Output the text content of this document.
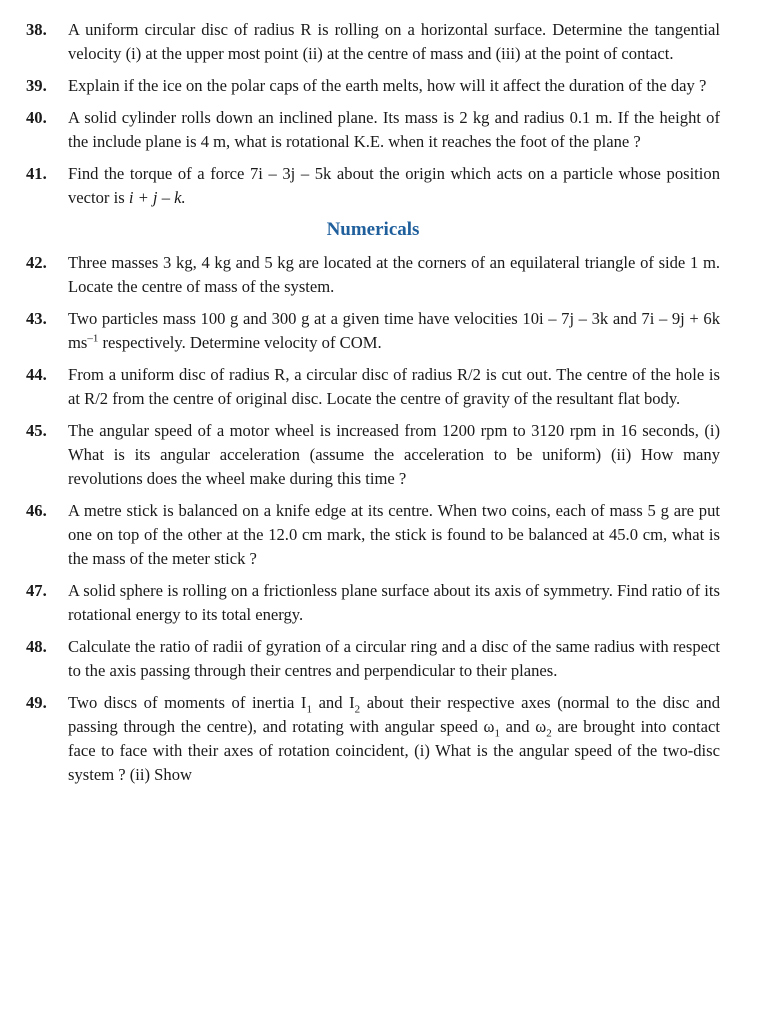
38.	A uniform circular disc of radius R is rolling on a horizontal surface. Determine the tangential velocity (i) at the upper most point (ii) at the centre of mass and (iii) at the point of contact.
39.	Explain if the ice on the polar caps of the earth melts, how will it affect the duration of the day ?
40.	A solid cylinder rolls down an inclined plane. Its mass is 2 kg and radius 0.1 m. If the height of the include plane is 4 m, what is rotational K.E. when it reaches the foot of the plane ?
41.	Find the torque of a force 7i – 3j – 5k about the origin which acts on a particle whose position vector is i + j – k.
Numericals
42.	Three masses 3 kg, 4 kg and 5 kg are located at the corners of an equilateral triangle of side 1 m. Locate the centre of mass of the system.
43.	Two particles mass 100 g and 300 g at a given time have velocities 10i – 7j – 3k and 7i – 9j + 6k $ms^{-1}$ respectively. Determine velocity of COM.
44.	From a uniform disc of radius R, a circular disc of radius R/2 is cut out. The centre of the hole is at R/2 from the centre of original disc. Locate the centre of gravity of the resultant flat body.
45.	The angular speed of a motor wheel is increased from 1200 rpm to 3120 rpm in 16 seconds, (i) What is its angular acceleration (assume the acceleration to be uniform) (ii) How many revolutions does the wheel make during this time ?
46.	A metre stick is balanced on a knife edge at its centre. When two coins, each of mass 5 g are put one on top of the other at the 12.0 cm mark, the stick is found to be balanced at 45.0 cm, what is the mass of the meter stick ?
47.	A solid sphere is rolling on a frictionless plane surface about its axis of symmetry. Find ratio of its rotational energy to its total energy.
48.	Calculate the ratio of radii of gyration of a circular ring and a disc of the same radius with respect to the axis passing through their centres and perpendicular to their planes.
49.	Two discs of moments of inertia $I_1$ and $I_2$ about their respective axes (normal to the disc and passing through the centre), and rotating with angular speed $\omega_1$ and $\omega_2$ are brought into contact face to face with their axes of rotation coincident, (i) What is the angular speed of the two-disc system ? (ii) Show
